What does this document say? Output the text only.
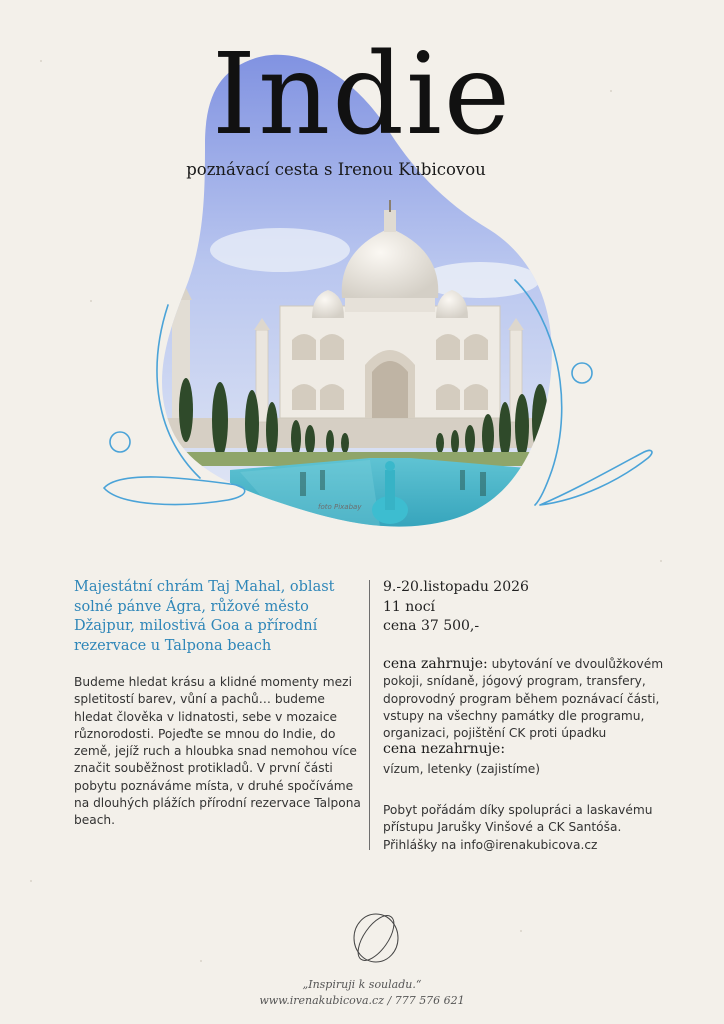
Indie

poznávací cesta s Irenou Kubicovou

foto Pixabay

Majestátní chrám Taj Mahal, oblast solné pánve Ágra, růžové město Džajpur, milostivá Goa a přírodní rezervace u Talpona beach

Budeme hledat krásu a klidné momenty mezi spletitostí barev, vůní a pachů… budeme hledat člověka v lidnatosti, sebe v mozaice různorodosti. Pojeďte se mnou do Indie, do země, jejíž ruch a hloubka snad nemohou více značit souběžnost protikladů. V první části pobytu poznáváme místa, v druhé spočíváme na dlouhých plážích přírodní rezervace Talpona beach.

9.-20.listopadu 2026
11 nocí
cena 37 500,-

cena zahrnuje: ubytování ve dvoulůžkovém pokoji, snídaně, jógový program, transfery, doprovodný program během poznávací části, vstupy na všechny památky dle programu, organizaci, pojištění CK proti úpadku

cena nezahrnuje:

vízum, letenky (zajistíme)

Pobyt pořádám díky spolupráci a laskavému přístupu Jarušky Vinšové a CK Santóša.
Přihlášky na info@irenakubicova.cz

„Inspiruji k souladu.“
www.irenakubicova.cz / 777 576 621
